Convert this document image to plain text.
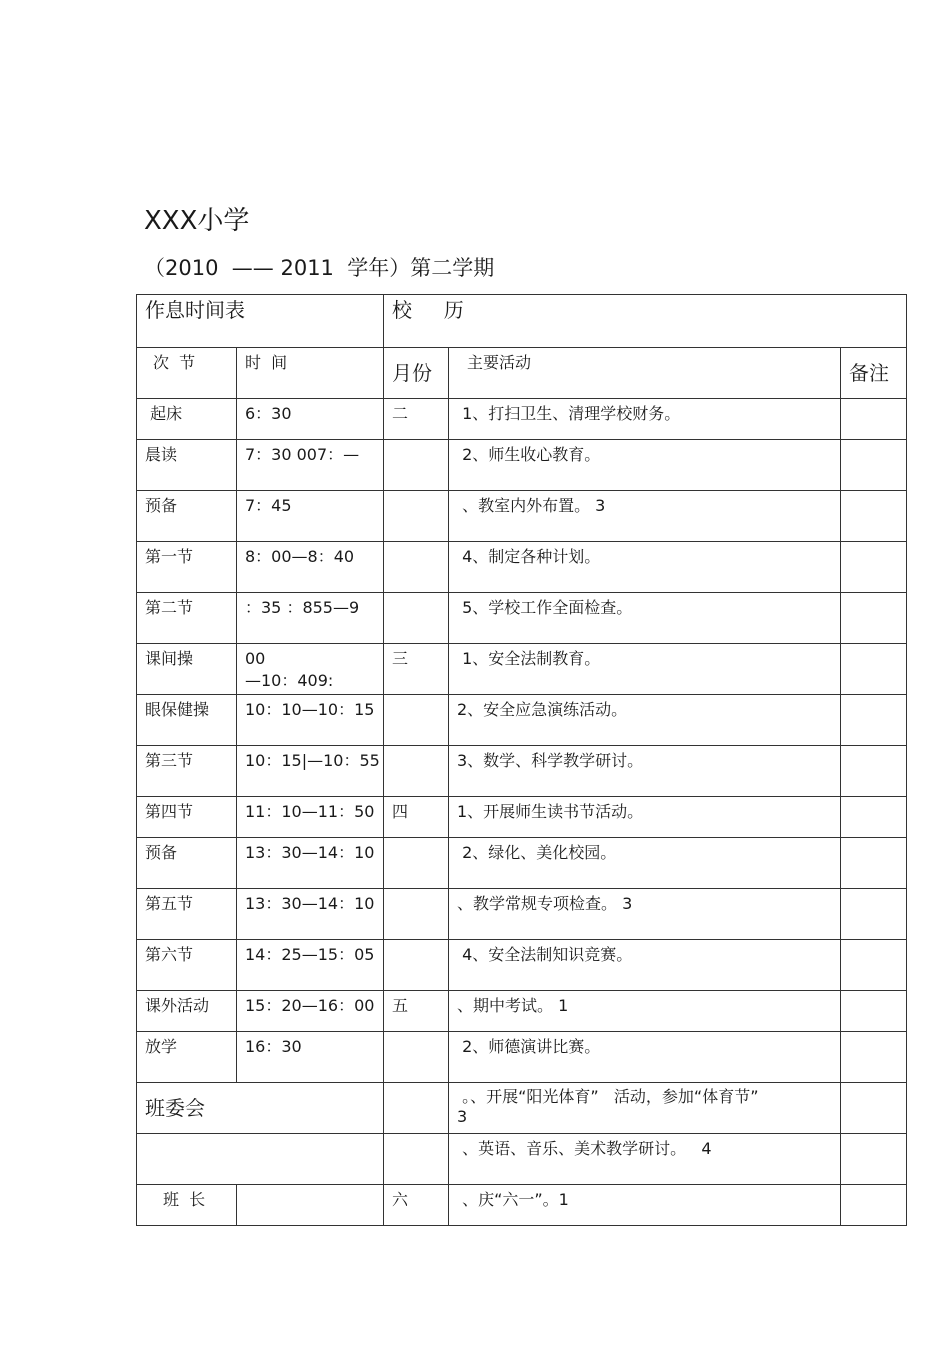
XXX小学
（2010  —— 2011  学年）第二学期
作息时间表		校     历		

次  节	时  间	月份	主要活动	备注

起床	6：30	二	1、打扫卫生、清理学校财务。	

晨读	7：30 007：—		2、师生收心教育。	

预备	7：45		、教室内外布置。 3	

第一节	8：00—8：40		4、制定各种计划。	

第二节	：35 ：855—9		5、学校工作全面检查。	

课间操	00
—10：409:	三	1、安全法制教育。	

眼保健操	10：10—10：15		2、安全应急演练活动。	

第三节	10：15|—10：55		3、数学、科学教学研讨。	

第四节	11：10—11：50	四	1、开展师生读书节活动。	

预备	13：30—14：10		2、绿化、美化校园。	

第五节	13：30—14：10		、教学常规专项检查。 3	

第六节	14：25—15：05		4、安全法制知识竞赛。	

课外活动	15：20—16：00	五	、期中考试。 1	

放学	16：30		2、师德演讲比赛。	

班委会			。、开展“阳光体育”   活动，参加“体育节”
3	

			、英语、音乐、美术教学研讨。   4	

班  长		六	、庆“六一”。1	
